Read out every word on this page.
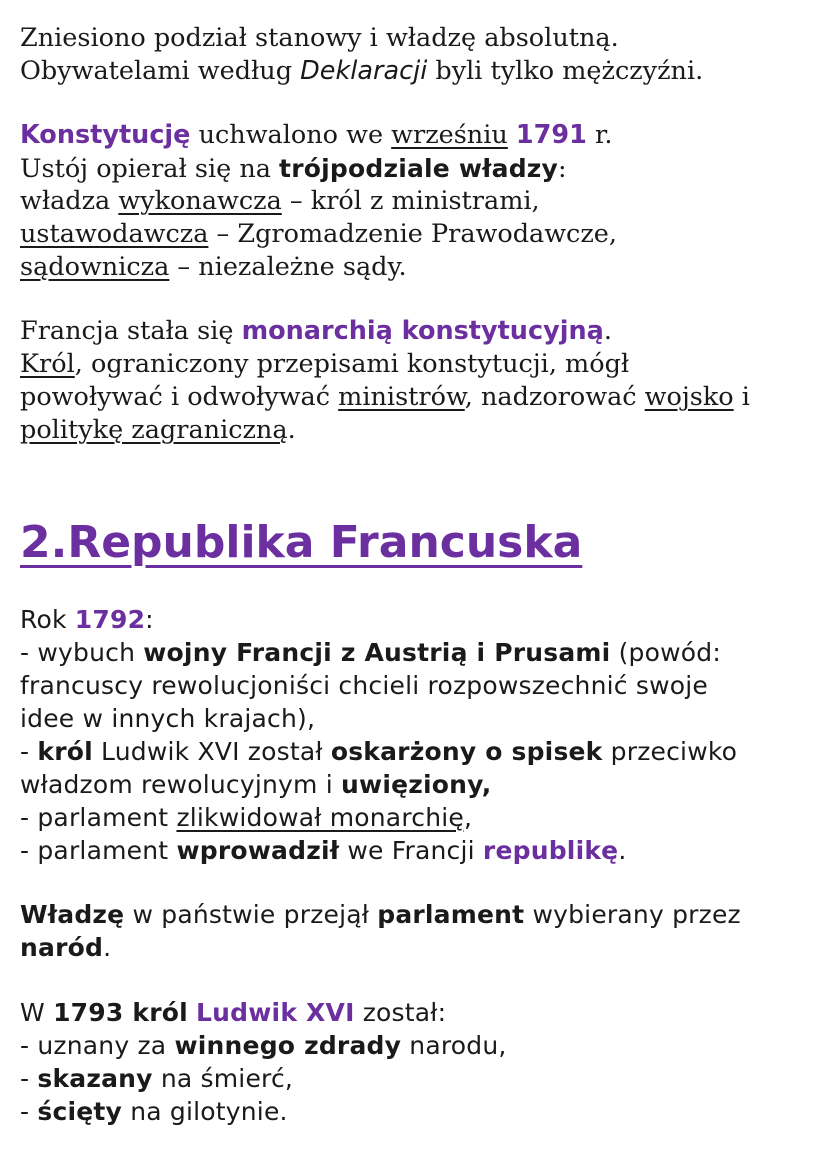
Zniesiono podział stanowy i władzę absolutną.
Obywatelami według Deklaracji byli tylko mężczyźni.
Konstytucję uchwalono we wrześniu 1791 r.
Ustój opierał się na trójpodziale władzy:
władza wykonawcza – król z ministrami,
ustawodawcza – Zgromadzenie Prawodawcze,
sądownicza – niezależne sądy.
Francja stała się monarchią konstytucyjną.
Król, ograniczony przepisami konstytucji, mógł
powoływać i odwoływać ministrów, nadzorować wojsko i
politykę zagraniczną.
2.Republika Francuska
Rok 1792:
- wybuch wojny Francji z Austrią i Prusami (powód:
francuscy rewolucjoniści chcieli rozpowszechnić swoje
idee w innych krajach),
- król Ludwik XVI został oskarżony o spisek przeciwko
władzom rewolucyjnym i uwięziony,
- parlament zlikwidował monarchię,
- parlament wprowadził we Francji republikę.
Władzę w państwie przejął parlament wybierany przez
naród.
W 1793 król Ludwik XVI został:
- uznany za winnego zdrady narodu,
- skazany na śmierć,
- ścięty na gilotynie.
